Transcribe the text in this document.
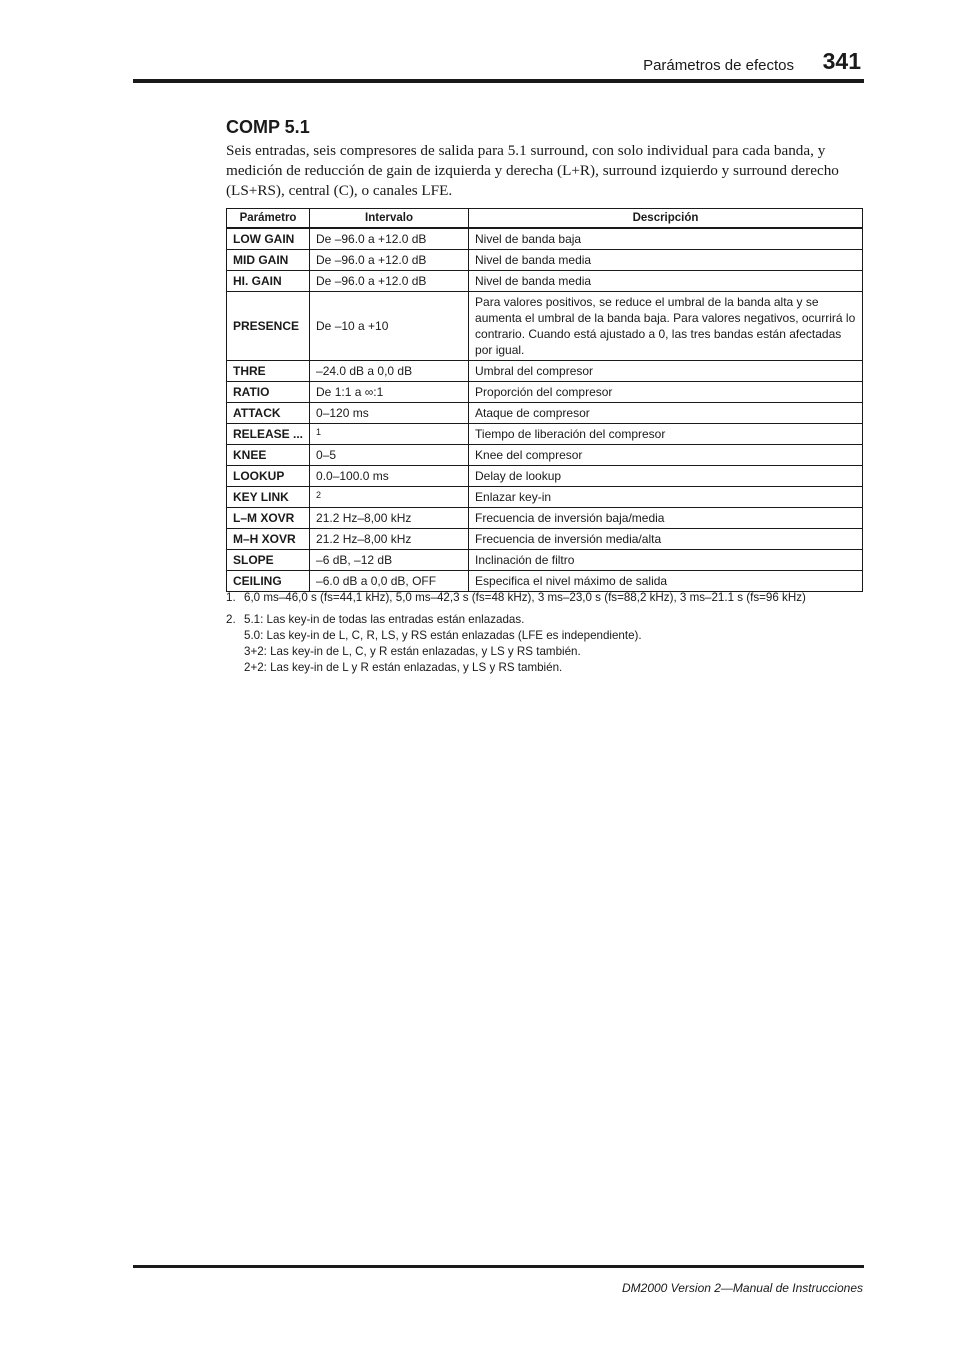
Parámetros de efectos 341
COMP 5.1
Seis entradas, seis compresores de salida para 5.1 surround, con solo individual para cada banda, y medición de reducción de gain de izquierda y derecha (L+R), surround izquierdo y surround derecho (LS+RS), central (C), o canales LFE.
Parámetro	Intervalo	Descripción
LOW GAIN	De –96.0 a +12.0 dB	Nivel de banda baja
MID GAIN	De –96.0 a +12.0 dB	Nivel de banda media
HI. GAIN	De –96.0 a +12.0 dB	Nivel de banda media
PRESENCE	De –10 a +10	Para valores positivos, se reduce el umbral de la banda alta y se aumenta el umbral de la banda baja. Para valores negativos, ocurrirá lo contrario. Cuando está ajustado a 0, las tres bandas están afectadas por igual.
THRE	–24.0 dB a 0,0 dB	Umbral del compresor
RATIO	De 1:1 a ∞:1	Proporción del compresor
ATTACK	0–120 ms	Ataque de compresor
RELEASE ...	1	Tiempo de liberación del compresor
KNEE	0–5	Knee del compresor
LOOKUP	0.0–100.0 ms	Delay de lookup
KEY LINK	2	Enlazar key-in
L–M XOVR	21.2 Hz–8,00 kHz	Frecuencia de inversión baja/media
M–H XOVR	21.2 Hz–8,00 kHz	Frecuencia de inversión media/alta
SLOPE	–6 dB, –12 dB	Inclinación de filtro
CEILING	–6.0 dB a 0,0 dB, OFF	Especifica el nivel máximo de salida
1. 6,0 ms–46,0 s (fs=44,1 kHz), 5,0 ms–42,3 s (fs=48 kHz), 3 ms–23,0 s (fs=88,2 kHz), 3 ms–21.1 s (fs=96 kHz)
2. 5.1: Las key-in de todas las entradas están enlazadas.
5.0: Las key-in de L, C, R, LS, y RS están enlazadas (LFE es independiente).
3+2: Las key-in de L, C, y R están enlazadas, y LS y RS también.
2+2: Las key-in de L y R están enlazadas, y LS y RS también.
DM2000 Version 2—Manual de Instrucciones
